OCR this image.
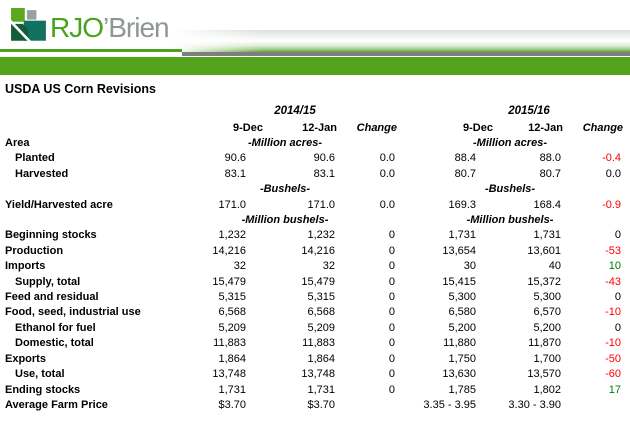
RJO’Brien
USDA US Corn Revisions
	2014/15	2015/16
	9-Dec	12-Jan	Change	9-Dec	12-Jan	Change
Area	-Million acres-		-Million acres-	
Planted	90.6	90.6	0.0	88.4	88.0	-0.4
Harvested	83.1	83.1	0.0	80.7	80.7	0.0
	-Bushels-		-Bushels-	
Yield/Harvested acre	171.0	171.0	0.0	169.3	168.4	-0.9
	-Million bushels-		-Million bushels-	
Beginning stocks	1,232	1,232	0	1,731	1,731	0
Production	14,216	14,216	0	13,654	13,601	-53
Imports	32	32	0	30	40	10
Supply, total	15,479	15,479	0	15,415	15,372	-43
Feed and residual	5,315	5,315	0	5,300	5,300	0
Food, seed, industrial use	6,568	6,568	0	6,580	6,570	-10
Ethanol for fuel	5,209	5,209	0	5,200	5,200	0
Domestic, total	11,883	11,883	0	11,880	11,870	-10
Exports	1,864	1,864	0	1,750	1,700	-50
Use, total	13,748	13,748	0	13,630	13,570	-60
Ending stocks	1,731	1,731	0	1,785	1,802	17
Average Farm Price	$3.70	$3.70		3.35 - 3.95	3.30 - 3.90	
